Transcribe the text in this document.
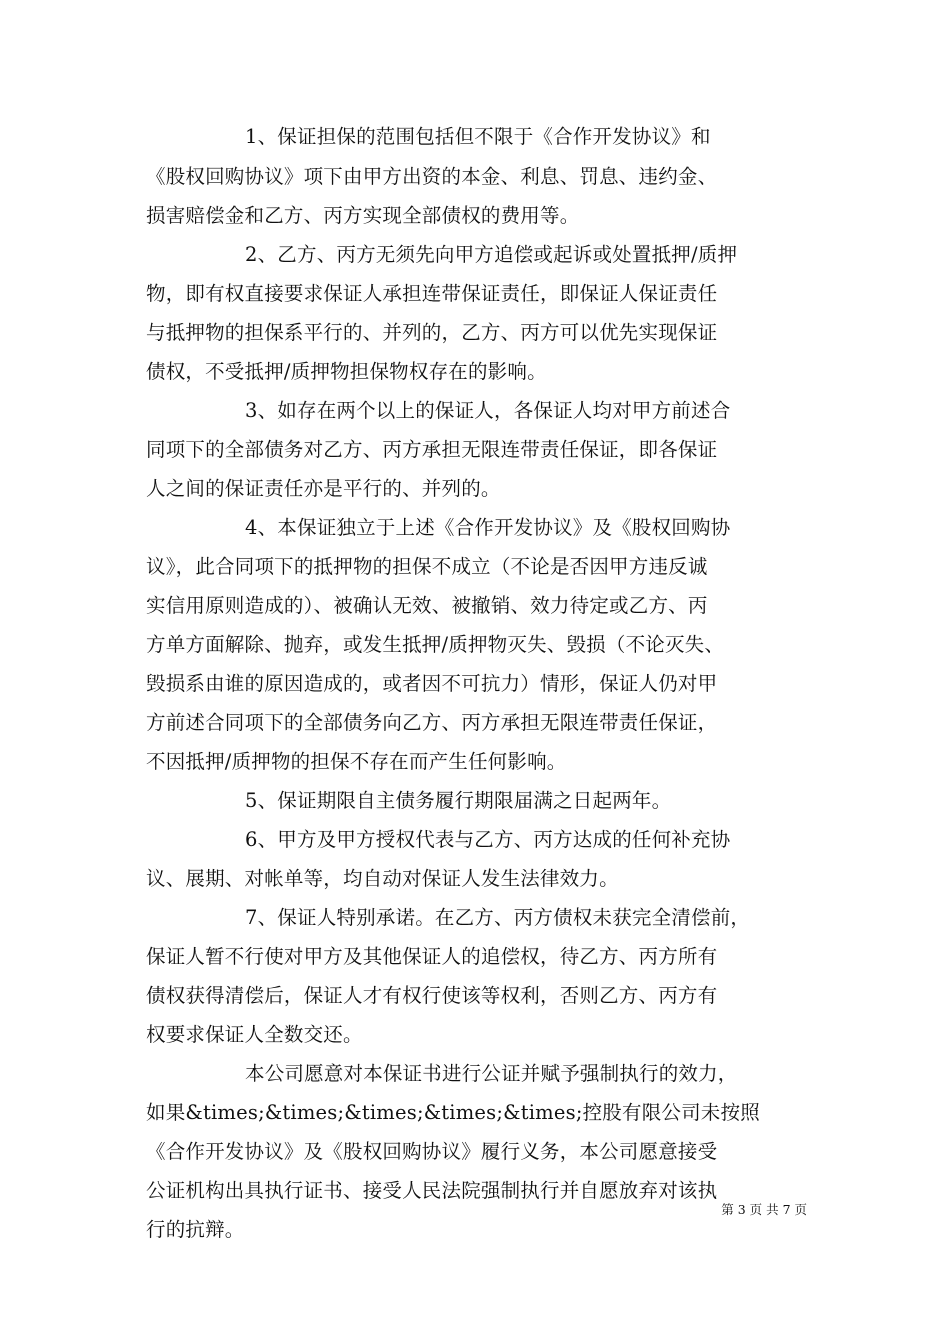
1、保证担保的范围包括但不限于《合作开发协议》和
《股权回购协议》项下由甲方出资的本金、利息、罚息、违约金、
损害赔偿金和乙方、丙方实现全部债权的费用等。
2、乙方、丙方无须先向甲方追偿或起诉或处置抵押/质押
物，即有权直接要求保证人承担连带保证责任，即保证人保证责任
与抵押物的担保系平行的、并列的，乙方、丙方可以优先实现保证
债权，不受抵押/质押物担保物权存在的影响。
3、如存在两个以上的保证人，各保证人均对甲方前述合
同项下的全部债务对乙方、丙方承担无限连带责任保证，即各保证
人之间的保证责任亦是平行的、并列的。
4、本保证独立于上述《合作开发协议》及《股权回购协
议》，此合同项下的抵押物的担保不成立（不论是否因甲方违反诚
实信用原则造成的）、被确认无效、被撤销、效力待定或乙方、丙
方单方面解除、抛弃，或发生抵押/质押物灭失、毁损（不论灭失、
毁损系由谁的原因造成的，或者因不可抗力）情形，保证人仍对甲
方前述合同项下的全部债务向乙方、丙方承担无限连带责任保证，
不因抵押/质押物的担保不存在而产生任何影响。
5、保证期限自主债务履行期限届满之日起两年。
6、甲方及甲方授权代表与乙方、丙方达成的任何补充协
议、展期、对帐单等，均自动对保证人发生法律效力。
7、保证人特别承诺。在乙方、丙方债权未获完全清偿前，
保证人暂不行使对甲方及其他保证人的追偿权，待乙方、丙方所有
债权获得清偿后，保证人才有权行使该等权利，否则乙方、丙方有
权要求保证人全数交还。
本公司愿意对本保证书进行公证并赋予强制执行的效力，
如果&times;&times;&times;&times;&times;控股有限公司未按照
《合作开发协议》及《股权回购协议》履行义务，本公司愿意接受
公证机构出具执行证书、接受人民法院强制执行并自愿放弃对该执
行的抗辩。
第 3 页 共 7 页
